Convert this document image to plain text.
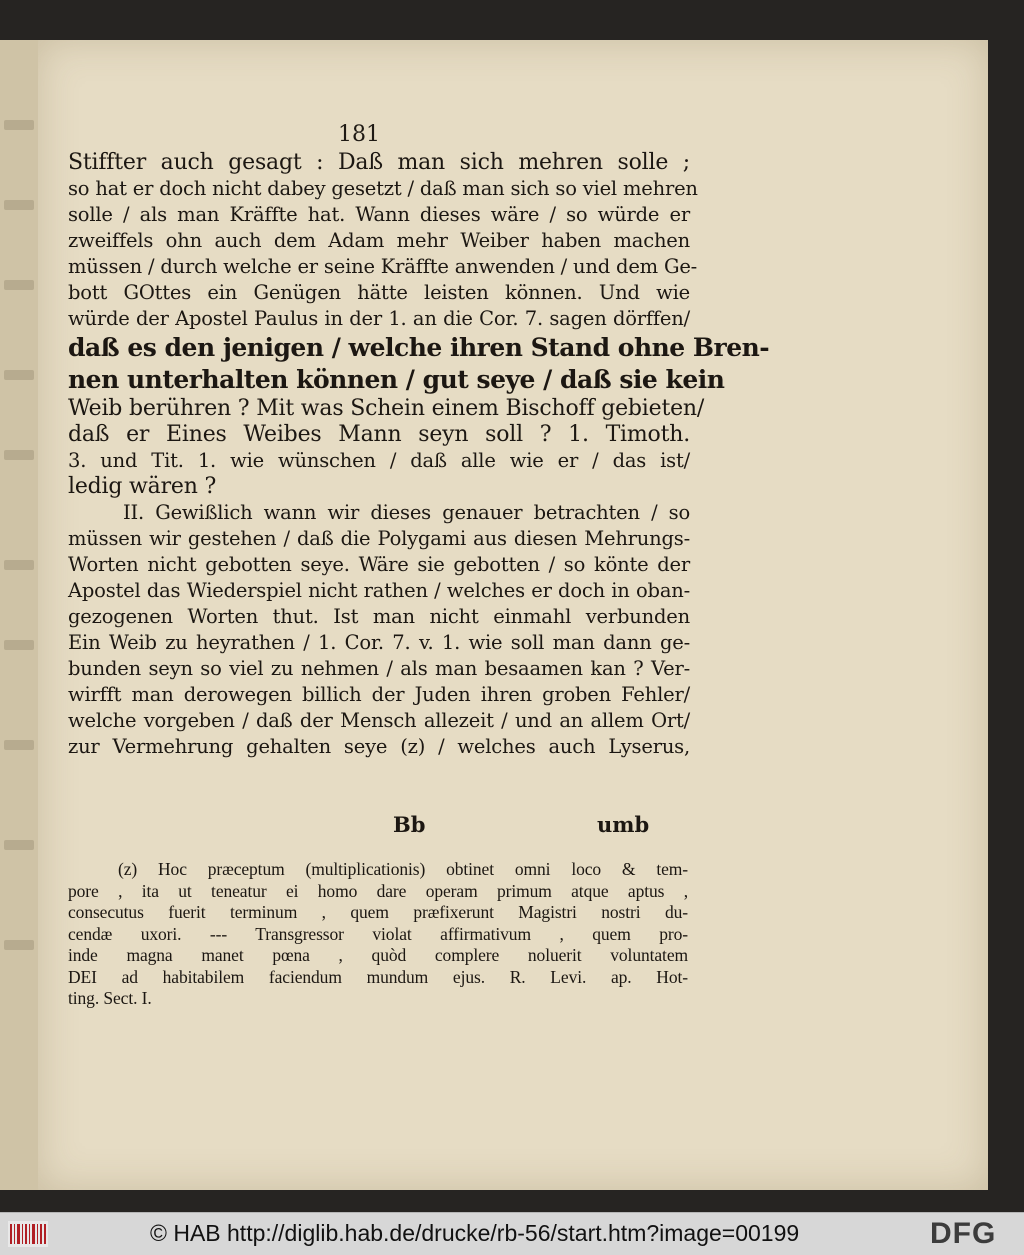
181
Stiffter auch gesagt : Daß man sich mehren solle ;
so hat er doch nicht dabey gesetzt / daß man sich so viel mehren
solle / als man Kräffte hat. Wann dieses wäre / so würde er
zweiffels ohn auch dem Adam mehr Weiber haben machen
müssen / durch welche er seine Kräffte anwenden / und dem Ge-
bott GOttes ein Genügen hätte leisten können. Und wie
würde der Apostel Paulus in der 1. an die Cor. 7. sagen dörffen/
daß es den jenigen / welche ihren Stand ohne Bren-
nen unterhalten können / gut seye / daß sie kein
Weib berühren ? Mit was Schein einem Bischoff gebieten/
daß er Eines Weibes Mann seyn soll ? 1. Timoth.
3. und Tit. 1. wie wünschen / daß alle wie er / das ist/
ledig wären ?
II. Gewißlich wann wir dieses genauer betrachten / so
müssen wir gestehen / daß die Polygami aus diesen Mehrungs-
Worten nicht gebotten seye. Wäre sie gebotten / so könte der
Apostel das Wiederspiel nicht rathen / welches er doch in oban-
gezogenen Worten thut. Ist man nicht einmahl verbunden
Ein Weib zu heyrathen / 1. Cor. 7. v. 1. wie soll man dann ge-
bunden seyn so viel zu nehmen / als man besaamen kan ? Ver-
wirfft man derowegen billich der Juden ihren groben Fehler/
welche vorgeben / daß der Mensch allezeit / und an allem Ort/
zur Vermehrung gehalten seye (z) / welches auch Lyserus,
Bb	umb
(z) Hoc præceptum (multiplicationis) obtinet omni loco & tem-
pore , ita ut teneatur ei homo dare operam primum atque aptus ,
consecutus fuerit terminum , quem præfixerunt Magistri nostri du-
cendæ uxori. --- Transgressor violat affirmativum , quem pro-
inde magna manet pœna , quòd complere noluerit voluntatem
DEI ad habitabilem faciendum mundum ejus. R. Levi. ap. Hot-
ting. Sect. I.
© HAB http://diglib.hab.de/drucke/rb-56/start.htm?image=00199	DFG
